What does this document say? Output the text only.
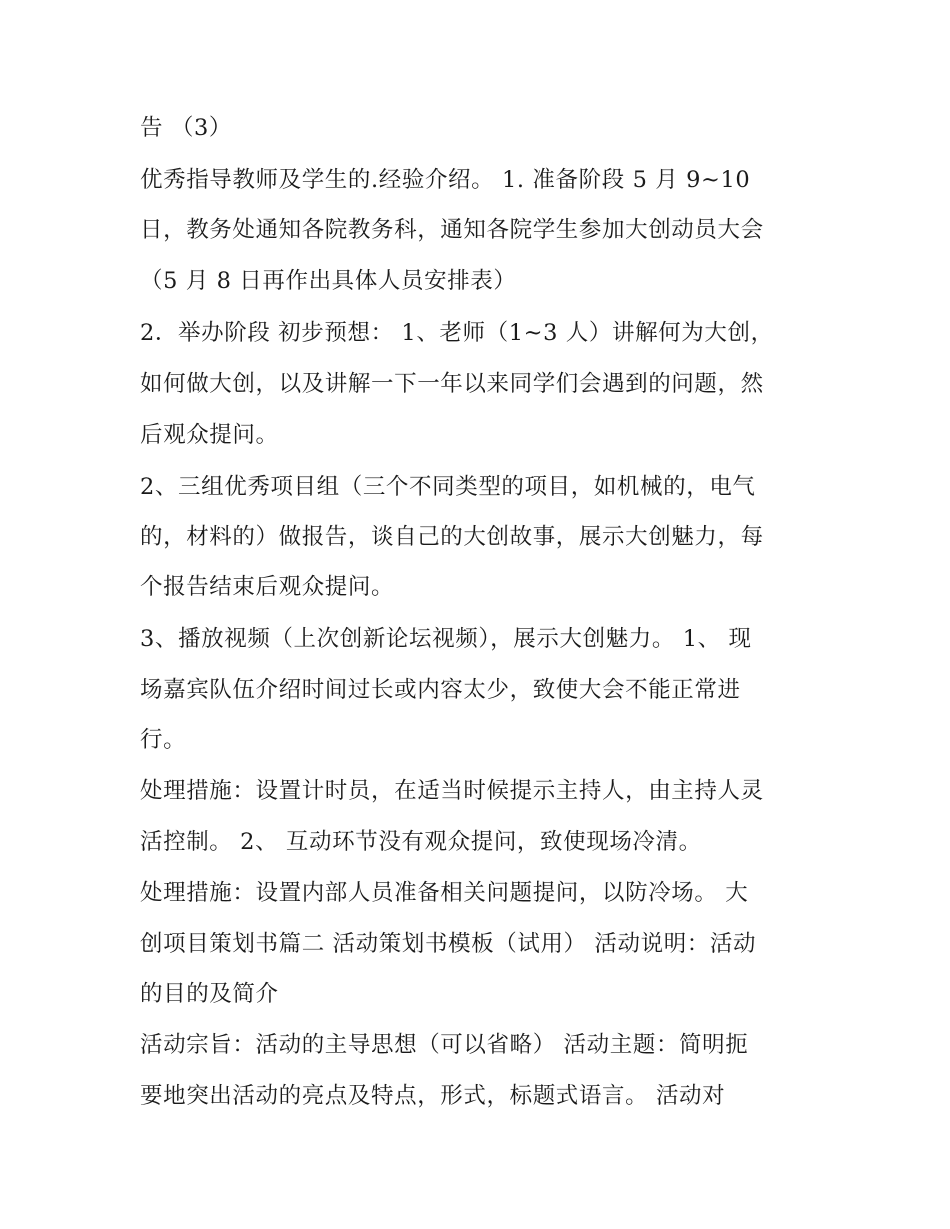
告 （3）

优秀指导教师及学生的.经验介绍。 1. 准备阶段 5 月 9~10

日，教务处通知各院教务科，通知各院学生参加大创动员大会

（5 月 8 日再作出具体人员安排表）

2．举办阶段 初步预想： 1、老师（1~3 人）讲解何为大创，

如何做大创，以及讲解一下一年以来同学们会遇到的问题，然

后观众提问。

2、三组优秀项目组（三个不同类型的项目，如机械的，电气

的，材料的）做报告，谈自己的大创故事，展示大创魅力，每

个报告结束后观众提问。

3、播放视频（上次创新论坛视频），展示大创魅力。 1、 现

场嘉宾队伍介绍时间过长或内容太少，致使大会不能正常进

行。

处理措施：设置计时员，在适当时候提示主持人，由主持人灵

活控制。 2、 互动环节没有观众提问，致使现场冷清。

处理措施：设置内部人员准备相关问题提问，以防冷场。 大

创项目策划书篇二 活动策划书模板（试用） 活动说明：活动

的目的及简介

活动宗旨：活动的主导思想（可以省略） 活动主题：简明扼

要地突出活动的亮点及特点，形式，标题式语言。 活动对
